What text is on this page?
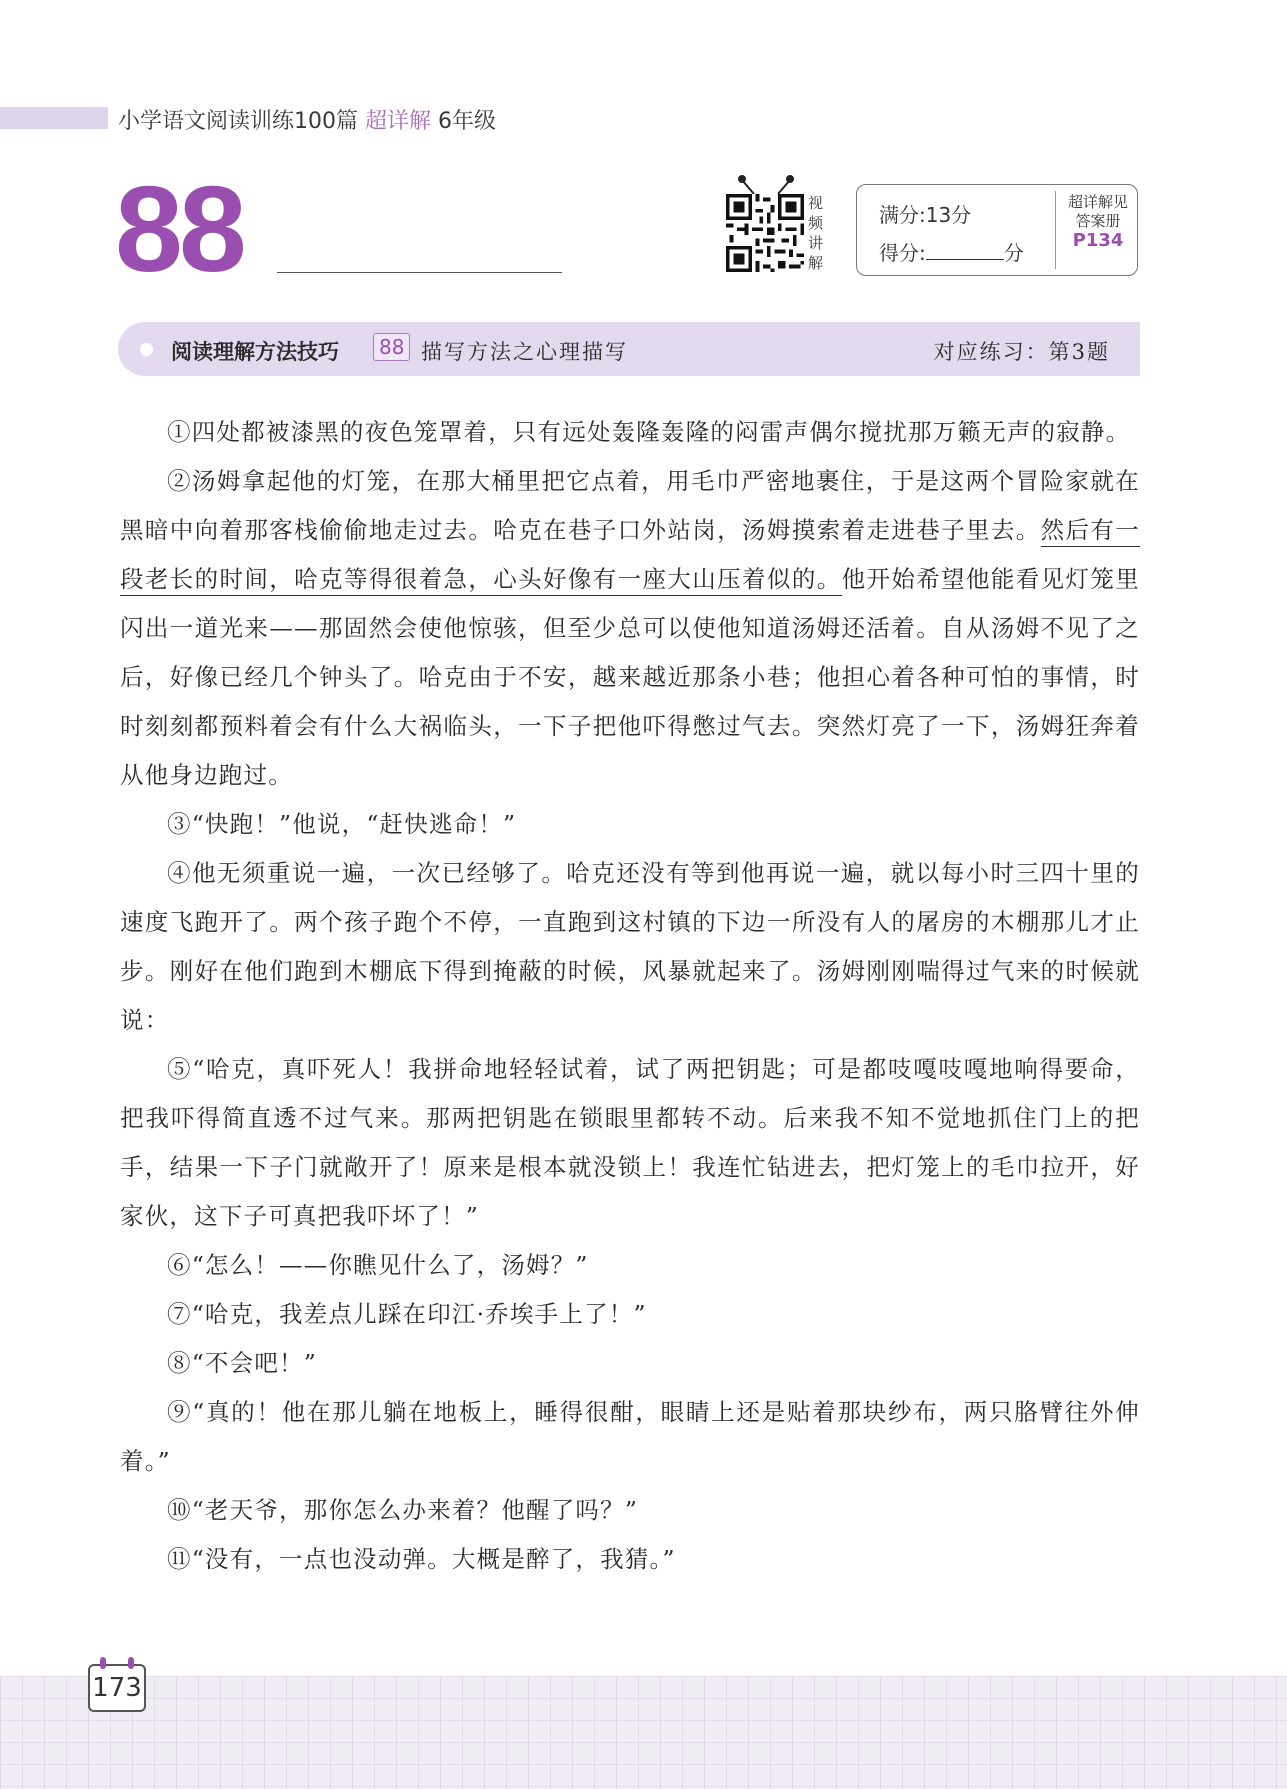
小学语文阅读训练100篇 超详解 6年级
88	视频讲解
满分:13分
得分:	分
超详解见
答案册
P134
阅读理解方法技巧	88 描写方法之心理描写	对应练习：第3题

①四处都被漆黑的夜色笼罩着，只有远处轰隆轰隆的闷雷声偶尔搅扰那万籁无声的寂静。

②汤姆拿起他的灯笼，在那大桶里把它点着，用毛巾严密地裹住，于是这两个冒险家就在黑暗中向着那客栈偷偷地走过去。哈克在巷子口外站岗，汤姆摸索着走进巷子里去。然后有一段老长的时间，哈克等得很着急，心头好像有一座大山压着似的。他开始希望他能看见灯笼里闪出一道光来——那固然会使他惊骇，但至少总可以使他知道汤姆还活着。自从汤姆不见了之后，好像已经几个钟头了。哈克由于不安，越来越近那条小巷；他担心着各种可怕的事情，时时刻刻都预料着会有什么大祸临头，一下子把他吓得憋过气去。突然灯亮了一下，汤姆狂奔着从他身边跑过。

③“快跑！”他说，“赶快逃命！”

④他无须重说一遍，一次已经够了。哈克还没有等到他再说一遍，就以每小时三四十里的速度飞跑开了。两个孩子跑个不停，一直跑到这村镇的下边一所没有人的屠房的木棚那儿才止步。刚好在他们跑到木棚底下得到掩蔽的时候，风暴就起来了。汤姆刚刚喘得过气来的时候就说：

⑤“哈克，真吓死人！我拼命地轻轻试着，试了两把钥匙；可是都吱嘎吱嘎地响得要命，把我吓得简直透不过气来。那两把钥匙在锁眼里都转不动。后来我不知不觉地抓住门上的把手，结果一下子门就敞开了！原来是根本就没锁上！我连忙钻进去，把灯笼上的毛巾拉开，好家伙，这下子可真把我吓坏了！”

⑥“怎么！——你瞧见什么了，汤姆？”

⑦“哈克，我差点儿踩在印江·乔埃手上了！”

⑧“不会吧！”

⑨“真的！他在那儿躺在地板上，睡得很酣，眼睛上还是贴着那块纱布，两只胳臂往外伸着。”

⑩“老天爷，那你怎么办来着？他醒了吗？”

⑪“没有，一点也没动弹。大概是醉了，我猜。”

173
